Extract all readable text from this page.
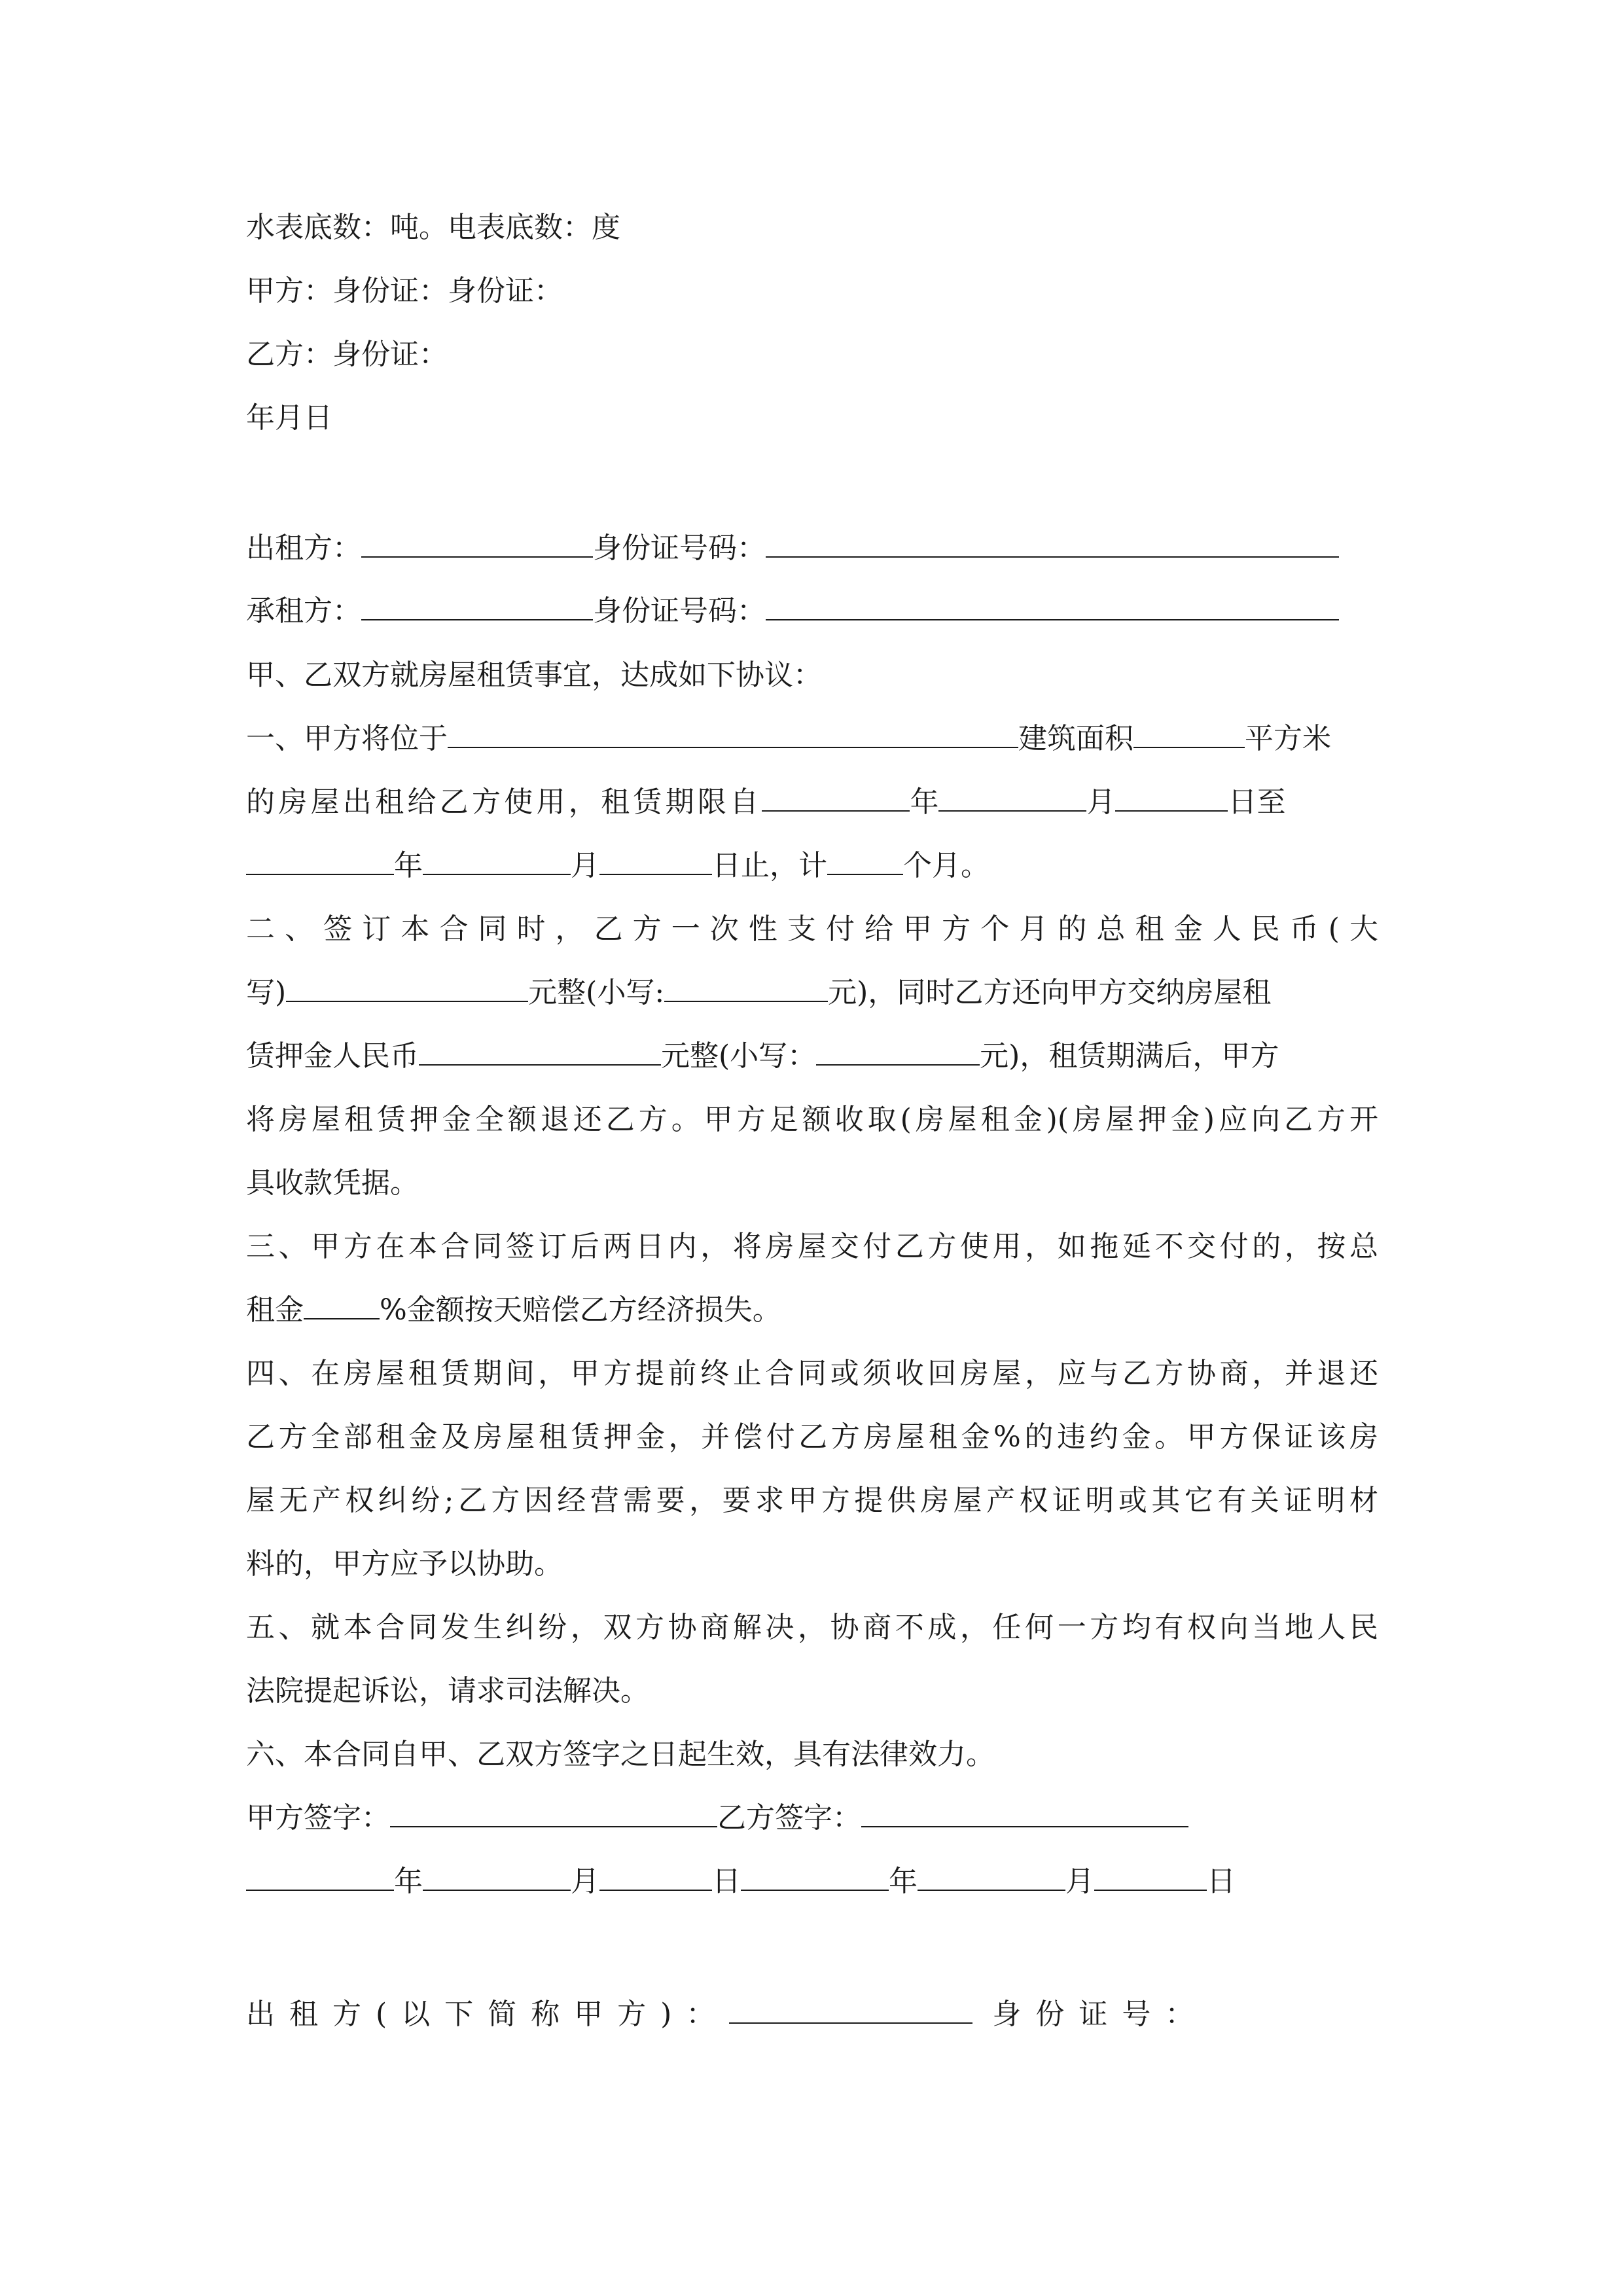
水表底数：吨。电表底数：度
甲方：身份证：身份证：
乙方：身份证：
年月日
出租方：	身份证号码：
承租方：	身份证号码：
甲、乙双方就房屋租赁事宜，达成如下协议：
一、甲方将位于	建筑面积	平方米
的房屋出租给乙方使用，租赁期限自	年	月	日至
年	月	日止，计	个月。
二、签订本合同时，乙方一次性支付给甲方个月的总租金人民币(大
写)	元整(小写:	元)，同时乙方还向甲方交纳房屋租
赁押金人民币	元整(小写：	元)，租赁期满后，甲方
将房屋租赁押金全额退还乙方。甲方足额收取(房屋租金)(房屋押金)应向乙方开
具收款凭据。
三、甲方在本合同签订后两日内，将房屋交付乙方使用，如拖延不交付的，按总
租金	%金额按天赔偿乙方经济损失。
四、在房屋租赁期间，甲方提前终止合同或须收回房屋，应与乙方协商，并退还
乙方全部租金及房屋租赁押金，并偿付乙方房屋租金%的违约金。甲方保证该房
屋无产权纠纷;乙方因经营需要，要求甲方提供房屋产权证明或其它有关证明材
料的，甲方应予以协助。
五、就本合同发生纠纷，双方协商解决，协商不成，任何一方均有权向当地人民
法院提起诉讼，请求司法解决。
六、本合同自甲、乙双方签字之日起生效，具有法律效力。
甲方签字：	乙方签字：
年	月	日	年	月	日
出租方(以下简称甲方)：	身份证号：
